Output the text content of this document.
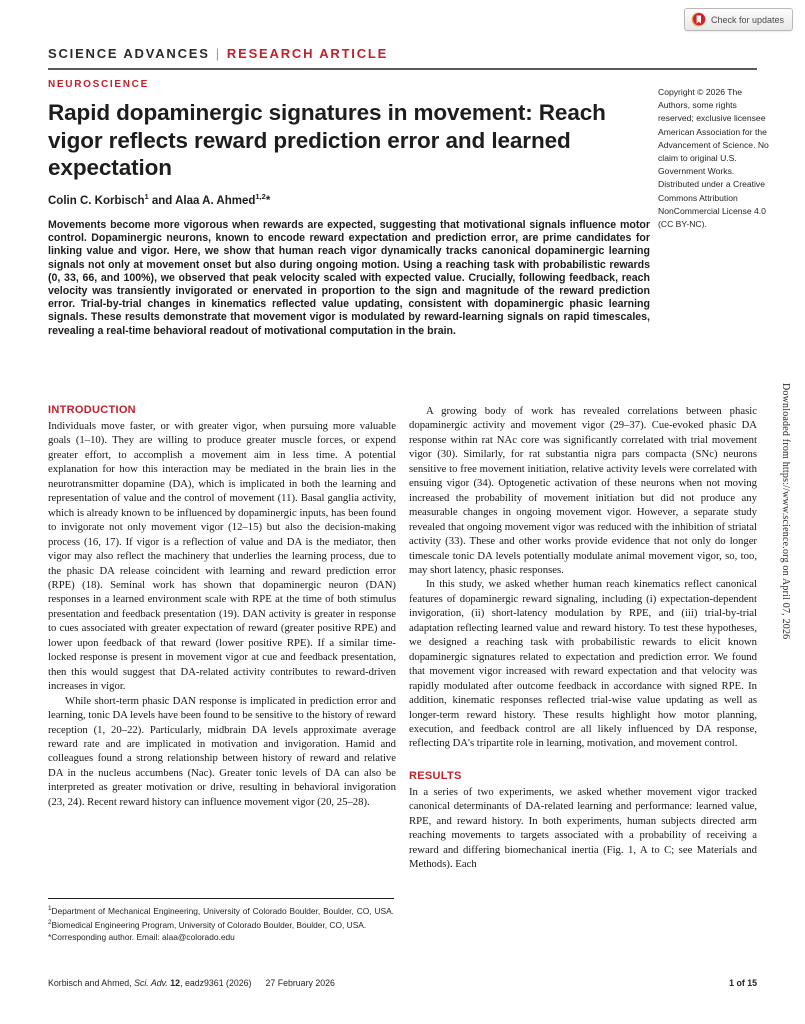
Check for updates
SCIENCE ADVANCES | RESEARCH ARTICLE
NEUROSCIENCE
Copyright © 2026 The Authors, some rights reserved; exclusive licensee American Association for the Advancement of Science. No claim to original U.S. Government Works. Distributed under a Creative Commons Attribution NonCommercial License 4.0 (CC BY-NC).
Rapid dopaminergic signatures in movement: Reach vigor reflects reward prediction error and learned expectation
Colin C. Korbisch$^1$ and Alaa A. Ahmed$^{1,2}$*
Movements become more vigorous when rewards are expected, suggesting that motivational signals influence motor control. Dopaminergic neurons, known to encode reward expectation and prediction error, are prime candidates for linking value and vigor. Here, we show that human reach vigor dynamically tracks canonical dopaminergic learning signals not only at movement onset but also during ongoing motion. Using a reaching task with probabilistic rewards (0, 33, 66, and 100%), we observed that peak velocity scaled with expected value. Crucially, following feedback, reach velocity was transiently invigorated or enervated in proportion to the sign and magnitude of the reward prediction error. Trial-by-trial changes in kinematics reflected value updating, consistent with dopaminergic phasic learning signals. These results demonstrate that movement vigor is modulated by reward-learning signals on rapid timescales, revealing a real-time behavioral readout of motivational computation in the brain.
INTRODUCTION

Individuals move faster, or with greater vigor, when pursuing more valuable goals (1–10). They are willing to produce greater muscle forces, or expend greater effort, to accomplish a movement aim in less time. A potential explanation for how this interaction may be mediated in the brain lies in the neurotransmitter dopamine (DA), which is implicated in both the learning and representation of value and the control of movement (11). Basal ganglia activity, which is already known to be influenced by dopaminergic inputs, has been found to invigorate not only movement vigor (12–15) but also the decision-making process (16, 17). If vigor is a reflection of value and DA is the mediator, then vigor may also reflect the machinery that underlies the learning process, due to the phasic DA release coincident with learning and reward prediction error (RPE) (18). Seminal work has shown that dopaminergic neuron (DAN) responses in a learned environment scale with RPE at the time of both stimulus presentation and feedback presentation (19). DAN activity is greater in response to cues associated with greater expectation of reward (greater positive RPE) and lower upon feedback of that reward (lower positive RPE). If a similar time-locked response is present in movement vigor at cue and feedback presentation, then this would suggest that DA-related activity contributes to reward-driven increases in vigor.

While short-term phasic DAN response is implicated in prediction error and learning, tonic DA levels have been found to be sensitive to the history of reward reception (1, 20–22). Particularly, midbrain DA levels approximate average reward rate and are implicated in motivation and invigoration. Hamid and colleagues found a strong relationship between history of reward and relative DA in the nucleus accumbens (Nac). Greater tonic levels of DA can also be interpreted as greater motivation or drive, resulting in behavioral invigoration (23, 24). Recent reward history can influence movement vigor (20, 25–28).

A growing body of work has revealed correlations between phasic dopaminergic activity and movement vigor (29–37). Cue-evoked phasic DA response within rat NAc core was significantly correlated with trial movement vigor (30). Similarly, for rat substantia nigra pars compacta (SNc) neurons sensitive to free movement initiation, relative activity levels were correlated with ensuing vigor (34). Optogenetic activation of these neurons when not moving increased the probability of movement initiation but did not produce any measurable changes in ongoing movement vigor. However, a separate study revealed that ongoing movement vigor was reduced with the inhibition of striatal activity (33). These and other works provide evidence that not only do longer timescale tonic DA levels potentially modulate animal movement vigor, so, too, may short latency, phasic responses.

In this study, we asked whether human reach kinematics reflect canonical features of dopaminergic reward signaling, including (i) expectation-dependent invigoration, (ii) short-latency modulation by RPE, and (iii) trial-by-trial adaptation reflecting learned value and reward history. To test these hypotheses, we designed a reaching task with probabilistic rewards to elicit known dopaminergic signatures related to expectation and prediction error. We found that movement vigor increased with reward expectation and that velocity was rapidly modulated after outcome feedback in accordance with signed RPE. In addition, kinematic responses reflected trial-wise value updating as well as longer-term reward history. These results highlight how motor planning, execution, and feedback control are all likely influenced by DA response, reflecting DA's tripartite role in learning, motivation, and movement control.

RESULTS

In a series of two experiments, we asked whether movement vigor tracked canonical determinants of DA-related learning and performance: learned value, RPE, and reward history. In both experiments, human subjects directed arm reaching movements to targets associated with a probability of receiving a reward and differing biomechanical inertia (Fig. 1, A to C; see Materials and Methods). Each

$^1$Department of Mechanical Engineering, University of Colorado Boulder, Boulder, CO, USA. $^2$Biomedical Engineering Program, University of Colorado Boulder, Boulder, CO, USA.
*Corresponding author. Email: alaa@colorado.edu
Korbisch and Ahmed, Sci. Adv. 12, eadz9361 (2026) 27 February 2026	1 of 15
Downloaded from https://www.science.org on April 07, 2026
